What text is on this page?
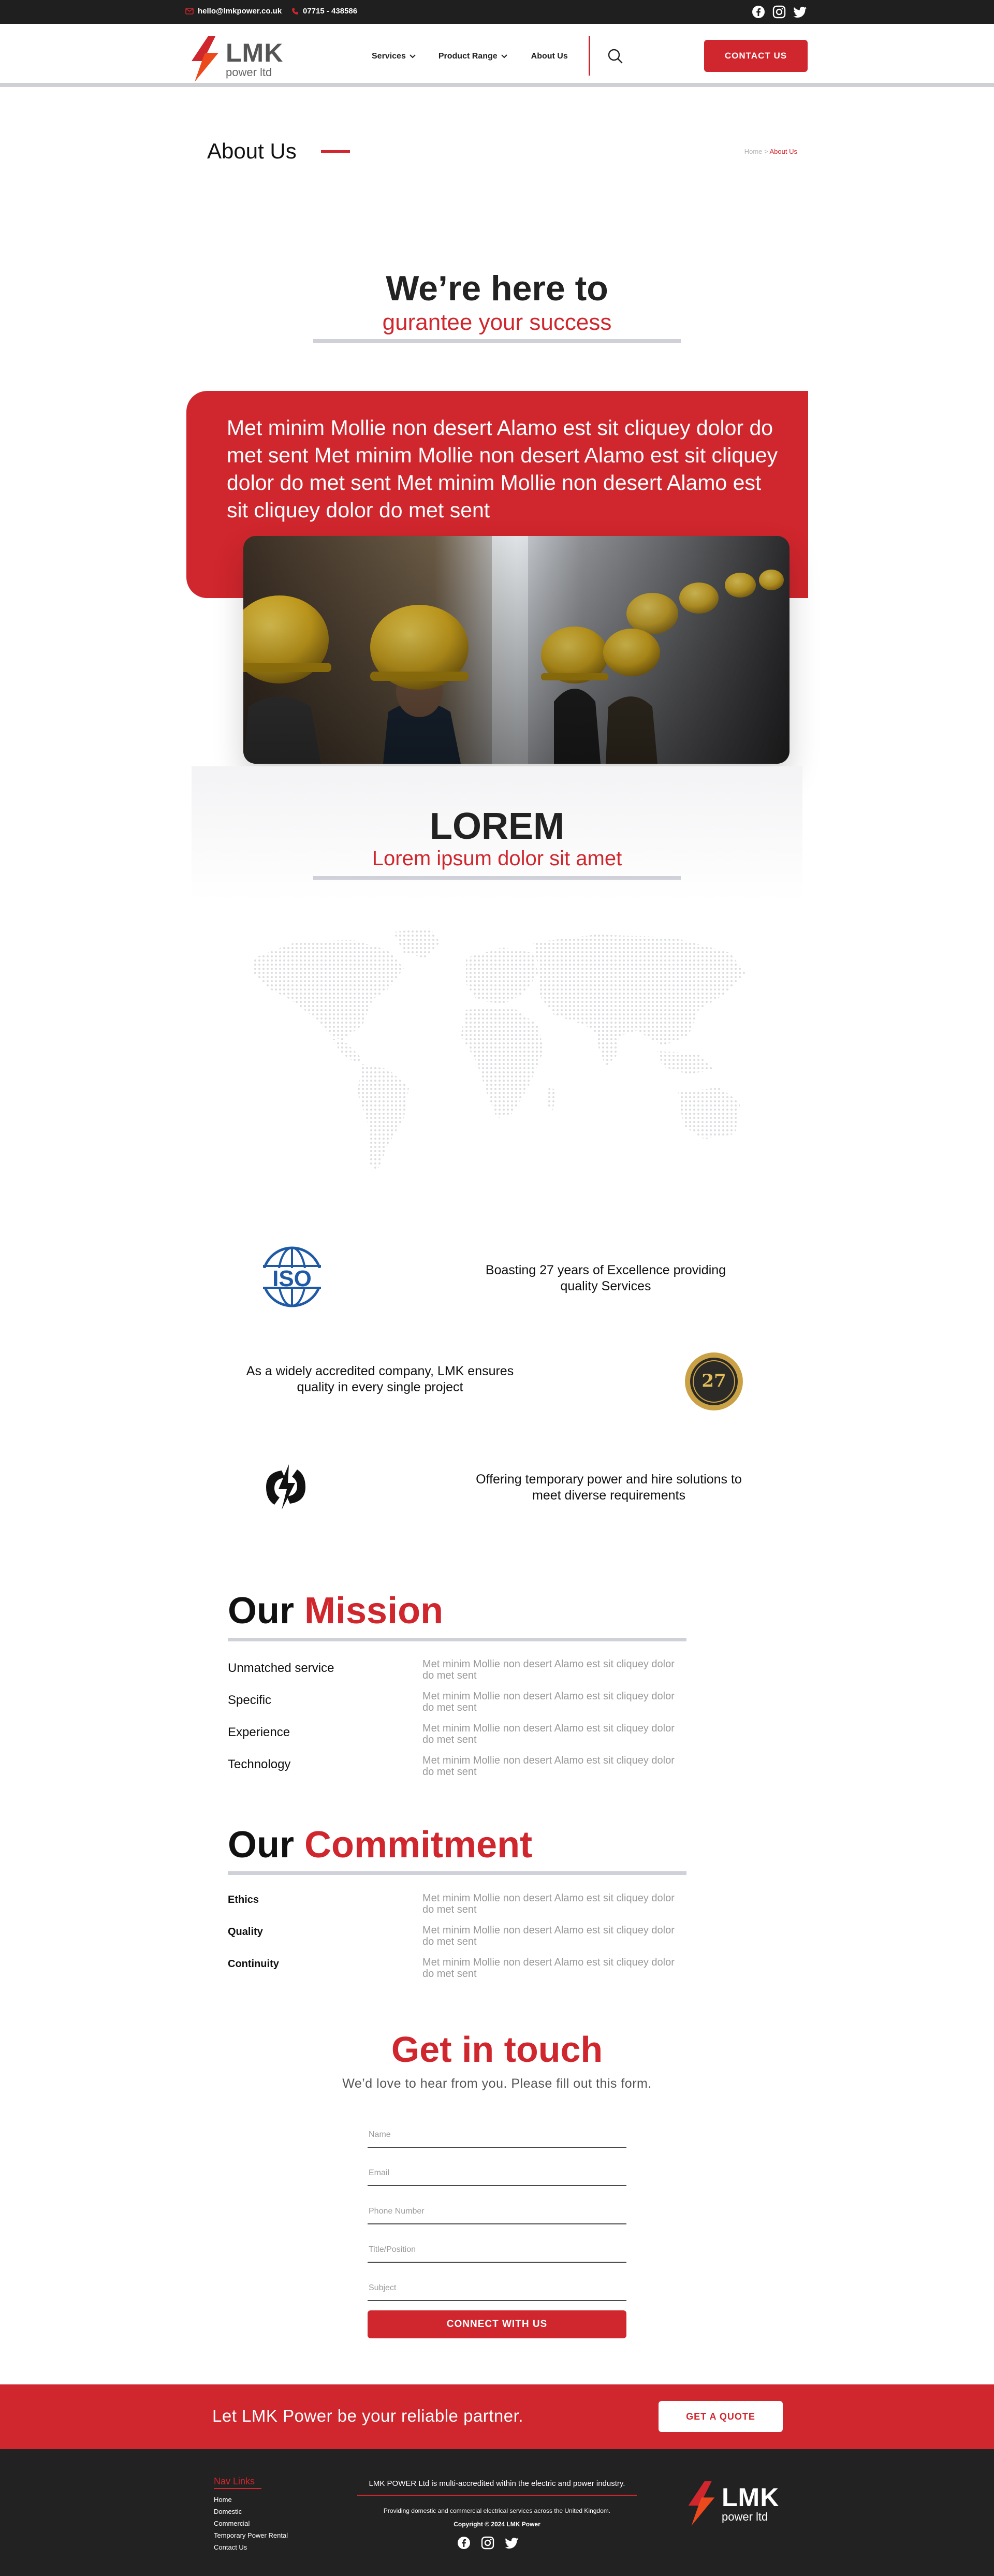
hello@lmkpower.co.uk	07715 - 438586
LMK
power ltd
Services	Product Range	About Us	CONTACT US
About Us	Home > About Us
We’re here to
gurantee your success
Met minim Mollie non desert Alamo est sit cliquey dolor do met sent Met minim Mollie non desert Alamo est sit cliquey dolor do met sent Met minim Mollie non desert Alamo est sit cliquey dolor do met sent
LOREM
Lorem ipsum dolor sit amet
ISO	Boasting 27 years of Excellence providing quality Services
As a widely accredited company, LMK ensures quality in every single project	27
Offering temporary power and hire solutions to meet diverse requirements
Our Mission
Unmatched service	Met minim Mollie non desert Alamo est sit cliquey dolor do met sent
Specific	Met minim Mollie non desert Alamo est sit cliquey dolor do met sent
Experience	Met minim Mollie non desert Alamo est sit cliquey dolor do met sent
Technology	Met minim Mollie non desert Alamo est sit cliquey dolor do met sent
Our Commitment
Ethics	Met minim Mollie non desert Alamo est sit cliquey dolor do met sent
Quality	Met minim Mollie non desert Alamo est sit cliquey dolor do met sent
Continuity	Met minim Mollie non desert Alamo est sit cliquey dolor do met sent
Get in touch
We’d love to hear from you. Please fill out this form.
Name
Email
Phone Number
Title/Position
Subject
CONNECT WITH US
Let LMK Power be your reliable partner.	GET A QUOTE
Nav Links
Home
Domestic
Commercial
Temporary Power Rental
Contact Us
LMK POWER Ltd is multi-accredited within the electric and power industry.
Providing domestic and commercial electrical services across the United Kingdom.
Copyright © 2024 LMK Power
LMK
power ltd
